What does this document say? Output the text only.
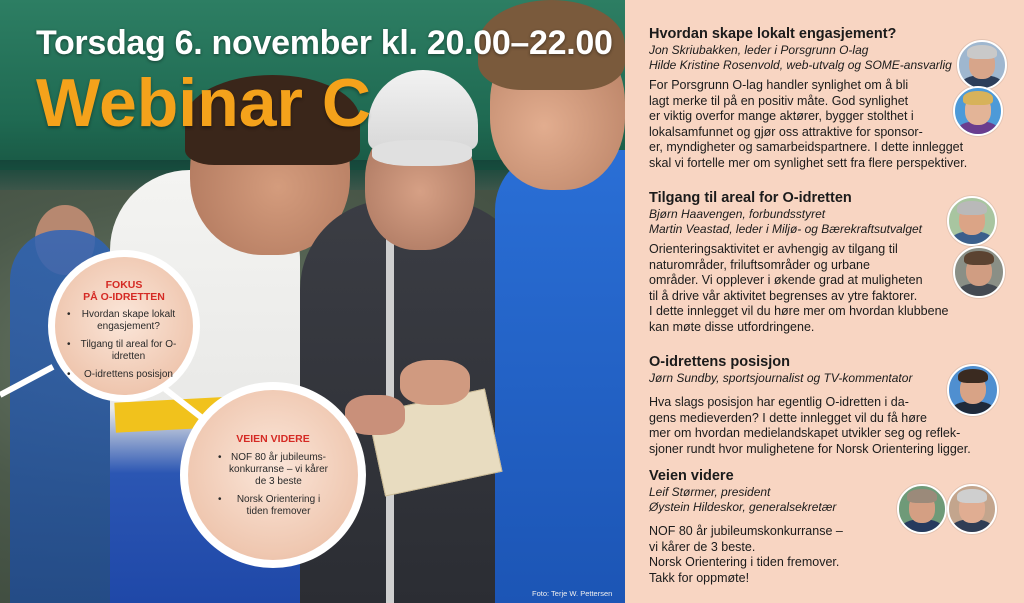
Torsdag 6. november kl. 20.00–22.00
Webinar C
FOKUS
PÅ O-IDRETTEN
• Hvordan skape lokalt engasjement?
• Tilgang til areal for O-idretten
• O-idrettens posisjon
VEIEN VIDERE
• NOF 80 år jubileums-konkurranse – vi kårer de 3 beste
• Norsk Orientering i tiden fremover
Foto: Terje W. Pettersen
Hvordan skape lokalt engasjement?
Jon Skriubakken, leder i Porsgrunn O-lag
Hilde Kristine Rosenvold, web-utvalg og SOME-ansvarlig
For Porsgrunn O-lag handler synlighet om å bli
lagt merke til på en positiv måte. God synlighet
er viktig overfor mange aktører, bygger stolthet i
lokalsamfunnet og gjør oss attraktive for sponsor-
er, myndigheter og samarbeidspartnere. I dette innlegget
skal vi fortelle mer om synlighet sett fra flere perspektiver.
Tilgang til areal for O-idretten
Bjørn Haavengen, forbundsstyret
Martin Veastad, leder i Miljø- og Bærekraftsutvalget
Orienteringsaktivitet er avhengig av tilgang til
naturområder, friluftsområder og urbane
områder. Vi opplever i økende grad at muligheten
til å drive vår aktivitet begrenses av ytre faktorer.
I dette innlegget vil du høre mer om hvordan klubbene
kan møte disse utfordringene.
O-idrettens posisjon
Jørn Sundby, sportsjournalist og TV-kommentator
Hva slags posisjon har egentlig O-idretten i da-
gens medieverden? I dette innlegget vil du få høre
mer om hvordan medielandskapet utvikler seg og reflek-
sjoner rundt hvor mulighetene for Norsk Orientering ligger.
Veien videre
Leif Størmer, president
Øystein Hildeskor, generalsekretær
NOF 80 år jubileumskonkurranse –
vi kårer de 3 beste.
Norsk Orientering i tiden fremover.
Takk for oppmøte!
